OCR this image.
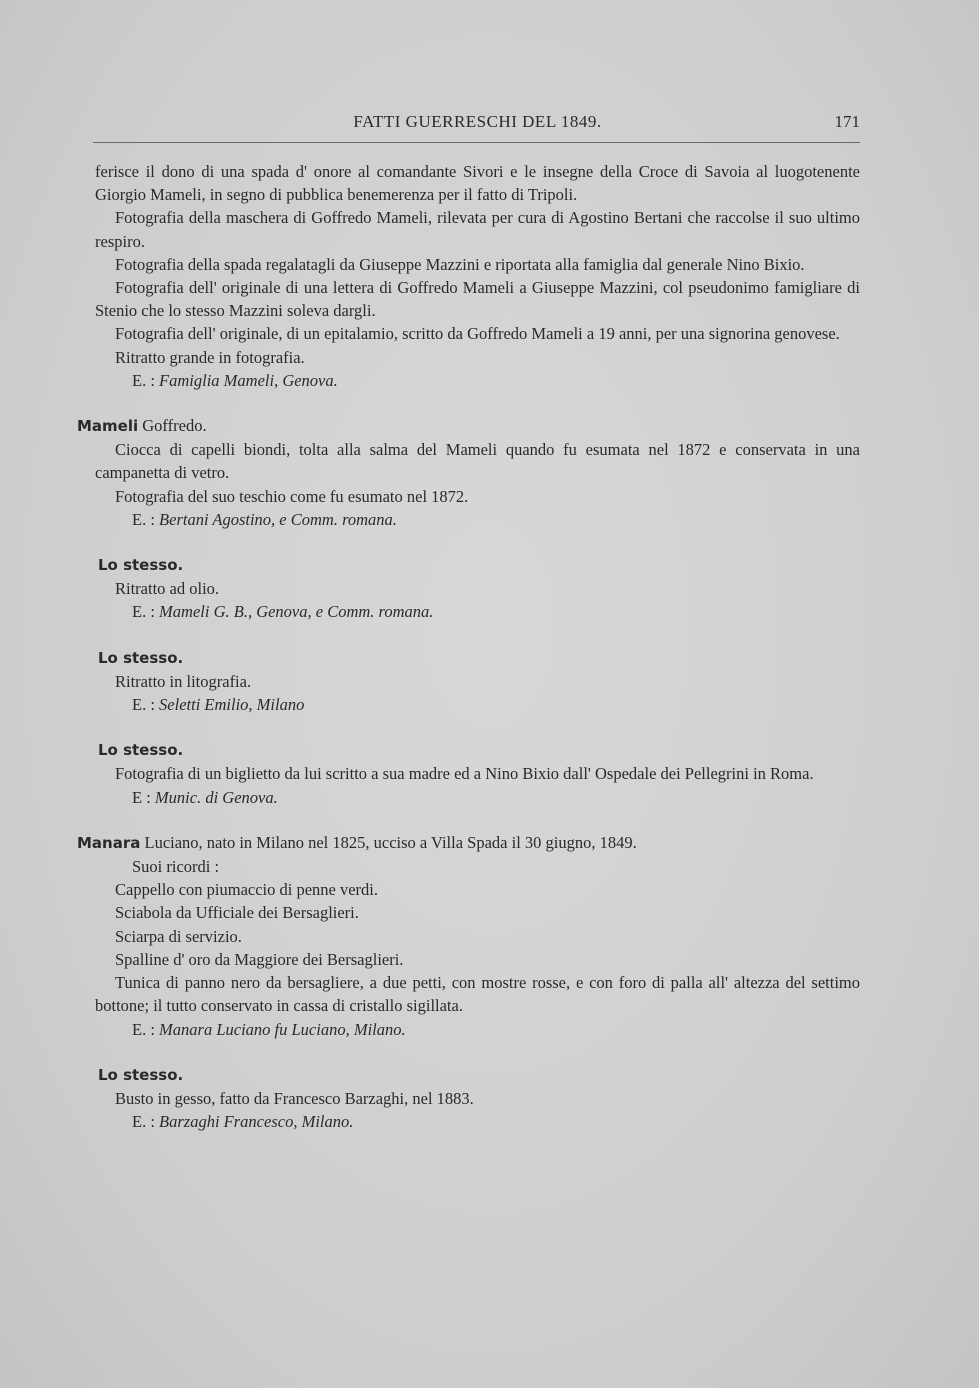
FATTI GUERRESCHI DEL 1849.	171

ferisce il dono di una spada d' onore al comandante Sivori e le insegne della Croce di Savoia al luogotenente Giorgio Mameli, in segno di pubblica benemerenza per il fatto di Tripoli.

Fotografia della maschera di Goffredo Mameli, rilevata per cura di Agostino Bertani che raccolse il suo ultimo respiro.

Fotografia della spada regalatagli da Giuseppe Mazzini e riportata alla famiglia dal generale Nino Bixio.

Fotografia dell' originale di una lettera di Goffredo Mameli a Giuseppe Mazzini, col pseudonimo famigliare di Stenio che lo stesso Mazzini soleva dargli.

Fotografia dell' originale, di un epitalamio, scritto da Goffredo Mameli a 19 anni, per una signorina genovese.

Ritratto grande in fotografia.

E. : Famiglia Mameli, Genova.

Mameli Goffredo.

Ciocca di capelli biondi, tolta alla salma del Mameli quando fu esumata nel 1872 e conservata in una campanetta di vetro.

Fotografia del suo teschio come fu esumato nel 1872.

E. : Bertani Agostino, e Comm. romana.

Lo stesso.

Ritratto ad olio.

E. : Mameli G. B., Genova, e Comm. romana.

Lo stesso.

Ritratto in litografia.

E. : Seletti Emilio, Milano

Lo stesso.

Fotografia di un biglietto da lui scritto a sua madre ed a Nino Bixio dall' Ospedale dei Pellegrini in Roma.

E : Munic. di Genova.

Manara Luciano, nato in Milano nel 1825, ucciso a Villa Spada il 30 giugno, 1849.

Suoi ricordi :

Cappello con piumaccio di penne verdi.

Sciabola da Ufficiale dei Bersaglieri.

Sciarpa di servizio.

Spalline d' oro da Maggiore dei Bersaglieri.

Tunica di panno nero da bersagliere, a due petti, con mostre rosse, e con foro di palla all' altezza del settimo bottone; il tutto conservato in cassa di cristallo sigillata.

E. : Manara Luciano fu Luciano, Milano.

Lo stesso.

Busto in gesso, fatto da Francesco Barzaghi, nel 1883.

E. : Barzaghi Francesco, Milano.
